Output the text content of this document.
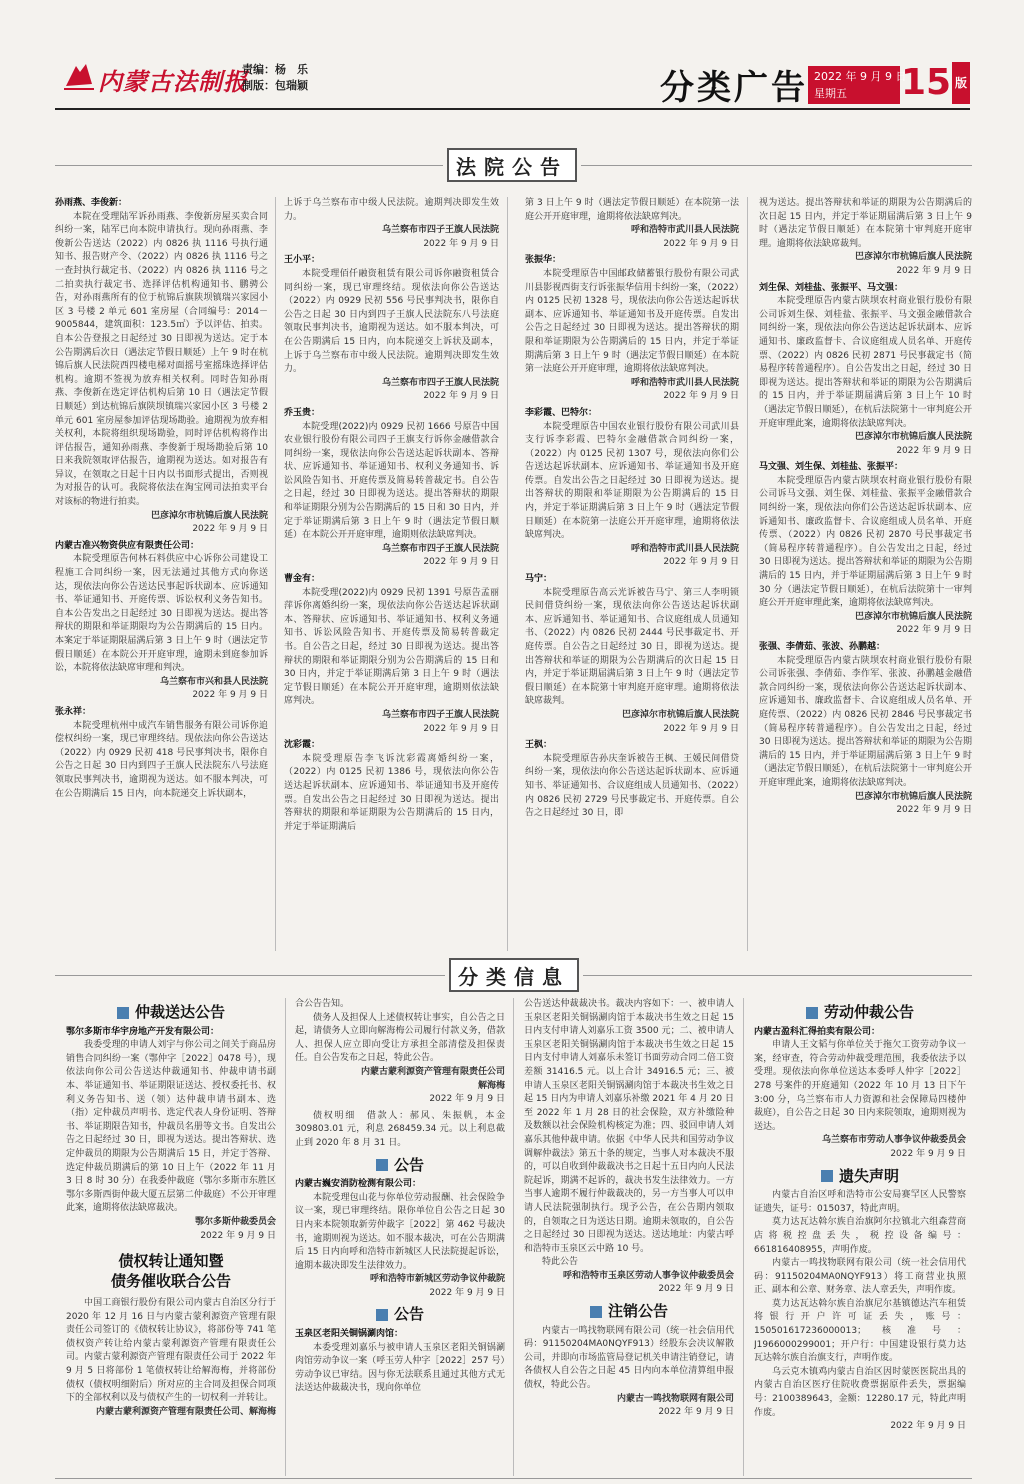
内蒙古法制报
责编：杨　乐
制版：包瑞颖	分类广告 2022 年 9 月 9 日
星期五	15 版
法院公告

孙雨燕、李俊新：

本院在受理陆军诉孙雨燕、李俊新房屋买卖合同纠纷一案，陆军已向本院申请执行。现向孙雨燕、李俊新公告送达（2022）内 0826 执 1116 号执行通知书、报告财产令、（2022）内 0826 执 1116 号之一查封执行裁定书、（2022）内 0826 执 1116 号之二拍卖执行裁定书、选择评估机构通知书、鹏骋公告，对孙雨燕所有的位于杭锦后旗陕坝镇瑞兴家园小区 3 号楼 2 单元 601 室房屋（合同编号：2014－9005844，建筑面积：123.5㎡）予以评估、拍卖。自本公告登报之日起经过 30 日即视为送达。定于本公告期满后次日（遇法定节假日顺延）上午 9 时在杭锦后旗人民法院西四楼电梯对面摇号室摇珠选择评估机构。逾期不签视为放弃相关权利。同时告知孙雨燕、李俊新在选定评估机构后第 10 日（遇法定节假日顺延）到达杭锦后旗陕坝镇瑞兴家园小区 3 号楼 2 单元 601 室房屋参加评估现场勘验。逾期视为放弃相关权利，本院将组织现场勘验，同时评估机构将作出评估报告，通知孙雨燕、李俊新于現场勘验后第 10 日来我院领取评估报告，逾期视为送达。如对报告有异议，在领取之日起十日内以书面形式提出，否则视为对报告的认可。我院将依法在淘宝网司法拍卖平台对该标的物进行拍卖。

巴彦淖尔市杭锦后旗人民法院

2022 年 9 月 9 日

内蒙古准兴物资供应有限责任公司：

本院受理原告何林石料供应中心诉你公司建设工程施工合同纠纷一案，因无法通过其他方式向你送达，现依法向你公告送达民事起诉状副本、应诉通知书、举证通知书、开庭传票、诉讼权利义务告知书。自本公告发出之日起经过 30 日即视为送达。提出答辩状的期限和举证期限均为公告期满后的 15 日内。本案定于举证期限届满后第 3 日上午 9 时（遇法定节假日顺延）在本院公开开庭审理，逾期未到庭参加诉讼，本院将依法缺席审理和判决。

乌兰察布市兴和县人民法院

2022 年 9 月 9 日

张永祥：

本院受理杭州中成汽车销售服务有限公司诉你追偿权纠纷一案，现已审理终结。现依法向你公告送达（2022）内 0929 民初 418 号民事判决书，限你自公告之日起 30 日内到四子王旗人民法院东八号法庭领取民事判决书，逾期视为送达。如不服本判决，可在公告期满后 15 日内，向本院递交上诉状副本，

上诉于乌兰察布市中级人民法院。逾期判决即发生效力。

乌兰察布市四子王旗人民法院

2022 年 9 月 9 日

王小平：

本院受理佰仟融资租赁有限公司诉你融资租赁合同纠纷一案，现已审理终结。现依法向你公告送达（2022）内 0929 民初 556 号民事判决书，限你自公告之日起 30 日内到四子王旗人民法院东八号法庭领取民事判决书，逾期视为送达。如不服本判决，可在公告期满后 15 日内，向本院递交上诉状及副本，上诉于乌兰察布市中级人民法院。逾期判决即发生效力。

乌兰察布市四子王旗人民法院

2022 年 9 月 9 日

乔玉贵：

本院受理(2022)内 0929 民初 1666 号原告中国农业银行股份有限公司四子王旗支行诉你金融借款合同纠纷一案，现依法向你公告送达起诉状副本、答辩状、应诉通知书、举证通知书、权利义务通知书、诉讼风险告知书、开庭传票及简易转普裁定书。自公告之日起，经过 30 日即视为送达。提出答辩状的期限和举证期限分别为公告期满后的 15 日和 30 日内，并定于举证期满后第 3 日上午 9 时（遇法定节假日顺延）在本院公开开庭审理，逾期则依法缺席判决。

乌兰察布市四子王旗人民法院

2022 年 9 月 9 日

曹金有：

本院受理(2022)内 0929 民初 1391 号原告孟丽萍诉你离婚纠纷一案，现依法向你公告送达起诉状副本、答辩状、应诉通知书、举证通知书、权利义务通知书、诉讼风险告知书、开庭传票及简易转普裁定书。自公告之日起，经过 30 日即视为送达。提出答辩状的期限和举证期限分别为公告期满后的 15 日和 30 日内，并定于举证期满后第 3 日上午 9 时（遇法定节假日顺延）在本院公开开庭审理，逾期则依法缺席判决。

乌兰察布市四子王旗人民法院

2022 年 9 月 9 日

沈彩霞：

本院受理原告李飞诉沈彩霞离婚纠纷一案，（2022）内 0125 民初 1386 号，现依法向你公告送达起诉状副本、应诉通知书、举证通知书及开庭传票。自发出公告之日起经过 30 日即视为送达。提出答辩状的期限和举证期限为公告期满后的 15 日内，并定于举证期满后

第 3 日上午 9 时（遇法定节假日顺延）在本院第一法庭公开开庭审理，逾期将依法缺席判决。

呼和浩特市武川县人民法院

2022 年 9 月 9 日

张振华：

本院受理原告中国邮政储蓄银行股份有限公司武川县影视西街支行诉张振华信用卡纠纷一案，（2022）内 0125 民初 1328 号，现依法向你公告送达起诉状副本、应诉通知书、举证通知书及开庭传票。自发出公告之日起经过 30 日即视为送达。提出答辩状的期限和举证期限为公告期满后的 15 日内，并定于举证期满后第 3 日上午 9 时（遇法定节假日顺延）在本院第一法庭公开开庭审理，逾期将依法缺席判决。

呼和浩特市武川县人民法院

2022 年 9 月 9 日

李彩霞、巴特尔：

本院受理原告中国农业银行股份有限公司武川县支行诉李彩霞、巴特尔金融借款合同纠纷一案，（2022）内 0125 民初 1307 号，现依法向你们公告送达起诉状副本、应诉通知书、举证通知书及开庭传票。自发出公告之日起经过 30 日即视为送达。提出答辩状的期限和举证期限为公告期满后的 15 日内，并定于举证期满后第 3 日上午 9 时（遇法定节假日顺延）在本院第一法庭公开开庭审理，逾期将依法缺席判决。

呼和浩特市武川县人民法院

2022 年 9 月 9 日

马宁：

本院受理原告高云光诉被告马宁、第三人李明锁民间借贷纠纷一案，现依法向你公告送达起诉状副本、应诉通知书、举证通知书、合议庭组成人员通知书、（2022）内 0826 民初 2444 号民事裁定书、开庭传票。自公告之日起经过 30 日，即视为送达。提出答辩状和举证的期限为公告期满后的次日起 15 日内，并定于举证期届满后第 3 日上午 9 时（遇法定节假日顺延）在本院第十审判庭开庭审理。逾期将依法缺席裁判。

巴彦淖尔市杭锦后旗人民法院

2022 年 9 月 9 日

王枫：

本院受理原告孙庆奎诉被告王枫、王媛民间借贷纠纷一案，现依法向你公告送达起诉状副本、应诉通知书、举证通知书、合议庭组成人员通知书、（2022）内 0826 民初 2729 号民事裁定书、开庭传票。自公告之日起经过 30 日，即

视为送达。提出答辩状和举证的期限为公告期满后的次日起 15 日内，并定于举证期届满后第 3 日上午 9 时（遇法定节假日顺延）在本院第十审判庭开庭审理。逾期将依法缺席裁判。

巴彦淖尔市杭锦后旗人民法院

2022 年 9 月 9 日

刘生保、刘桂盐、张振平、马文强：

本院受理原告内蒙古陕坝农村商业银行股份有限公司诉刘生保、刘桂盐、张振平、马文强金融借款合同纠纷一案，现依法向你公告送达起诉状副本、应诉通知书、廉政监督卡、合议庭组成人员名单、开庭传票、（2022）内 0826 民初 2871 号民事裁定书（简易程序转普通程序）。自公告发出之日起，经过 30 日即视为送达。提出答辩状和举证的期限为公告期满后的 15 日内，并于举证期届满后第 3 日上午 10 时（遇法定节假日顺延），在杭后法院第十一审判庭公开开庭审理此案，逾期将依法缺席判决。

巴彦淖尔市杭锦后旗人民法院

2022 年 9 月 9 日

马文强、刘生保、刘桂盐、张振平：

本院受理原告内蒙古陕坝农村商业银行股份有限公司诉马文强、刘生保、刘桂盐、张振平金融借款合同纠纷一案，现依法向你们公告送达起诉状副本、应诉通知书、廉政监督卡、合议庭组成人员名单、开庭传票、（2022）内 0826 民初 2870 号民事裁定书（简易程序转普通程序）。自公告发出之日起，经过 30 日即视为送达。提出答辩状和举证的期限为公告期满后的 15 日内，并于举证期届满后第 3 日上午 9 时 30 分（遇法定节假日顺延），在杭后法院第十一审判庭公开开庭审理此案，逾期将依法缺席判决。

巴彦淖尔市杭锦后旗人民法院

2022 年 9 月 9 日

张强、李倩茹、张波、孙鹏越：

本院受理原告内蒙古陕坝农村商业银行股份有限公司诉张强、李倩茹、李作军、张波、孙鹏越金融借款合同纠纷一案，现依法向你公告送达起诉状副本、应诉通知书、廉政监督卡、合议庭组成人员名单、开庭传票、（2022）内 0826 民初 2846 号民事裁定书（简易程序转普通程序）。自公告发出之日起，经过 30 日即视为送达。提出答辩状和举证的期限为公告期满后的 15 日内，并于举证期届满后第 3 日上午 9 时（遇法定节假日顺延），在杭后法院第十一审判庭公开开庭审理此案，逾期将依法缺席判决。

巴彦淖尔市杭锦后旗人民法院

2022 年 9 月 9 日

分类信息
仲裁送达公告

鄂尔多斯市华宇房地产开发有限公司：

我委受理的申请人刘宇与你公司之间关于商品房销售合同纠纷一案（鄂仲字［2022］0478 号），现依法向你公司公告送达仲裁通知书、仲裁申请书副本、举证通知书、举证期限证送达、授权委托书、权利义务告知书、送（领）达仲裁申请书副本、选（指）定仲裁员声明书、选定代表人身份证明、答辩书、举证期限告知书，仲裁员名册等文书。自发出公告之日起经过 30 日，即视为送达。提出答辩状、选定仲裁员的期限为公告期满后 15 日，并定于答辩、选定仲裁员期满后的第 10 日上午（2022 年 11 月 3 日 8 时 30 分）在我委仲裁庭（鄂尔多斯市东胜区鄂尔多斯西街仲裁大厦五层第二仲裁庭）不公开审理此案，逾期将依法缺席裁决。

鄂尔多斯仲裁委员会

2022 年 9 月 9 日

债权转让通知暨
债务催收联合公告

中国工商银行股份有限公司内蒙古自治区分行于 2020 年 12 月 16 日与内蒙古蒙利源资产管理有限责任公司签订的《债权转让协议》，将部份等 741 笔债权资产转让给内蒙古蒙利源资产管理有限责任公司。内蒙古蒙利源资产管理有限责任公司于 2022 年 9 月 5 日将部份 1 笔债权转让给解海梅，并将部份债权（债权明细附后）所对应的主合同及担保合同项下的全部权利以及与债权产生的一切权利一并转让。

内蒙古蒙利源资产管理有限责任公司、解海梅

合公告告知。

债务人及担保人上述债权转让事实，自公告之日起，请债务人立即向解海梅公司履行付款义务，借款人、担保人应立即向受让方承担全部清偿及担保责任。自公告发布之日起，特此公告。

内蒙古蒙利源资产管理有限责任公司

解海梅

2022 年 9 月 9 日

债权明细　借款人：郝风、朱振帆，本金 309803.01 元，利息 268459.34 元。以上利息截止到 2020 年 8 月 31 日。

公告

内蒙古巍安消防检测有限公司：

本院受理包山花与你单位劳动报酬、社会保险争议一案，现已审理终结。限你单位自公告之日起 30 日内来本院领取新劳仲裁字［2022］第 462 号裁决书，逾期则视为送达。如不服本裁决，可在公告期满后 15 日内向呼和浩特市新城区人民法院提起诉讼，逾期本裁决即发生法律效力。

呼和浩特市新城区劳动争议仲裁院

2022 年 9 月 9 日

公告

玉泉区老阳关铜锅涮肉馆：

本委受理刘嘉乐与被申请人玉泉区老阳关铜锅涮肉馆劳动争议一案（呼玉劳人仲字［2022］257 号）劳动争议已审结。因与你无法联系且通过其他方式无法送达仲裁裁决书，现向你单位

公告送达仲裁裁决书。裁决内容如下：一、被申请人玉泉区老阳关铜锅涮肉馆于本裁决书生效之日起 15 日内支付申请人刘嘉乐工资 3500 元；二、被申请人玉泉区老阳关铜锅涮肉馆于本裁决书生效之日起 15 日内支付申请人刘嘉乐未签订书面劳动合同二倍工资差额 31416.5 元。以上合计 34916.5 元；三、被申请人玉泉区老阳关铜锅涮肉馆于本裁决书生效之日起 15 日内为申请人刘嘉乐补缴 2021 年 4 月 20 日至 2022 年 1 月 28 日的社会保险，双方补缴险种及数额以社会保险机构核定为准；四、驳回申请人刘嘉乐其他仲裁申请。依据《中华人民共和国劳动争议调解仲裁法》第五十条的规定，当事人对本裁决不服的，可以自收到仲裁裁决书之日起十五日内向人民法院起诉，期满不起诉的，裁决书发生法律效力。一方当事人逾期不履行仲裁裁决的，另一方当事人可以申请人民法院强制执行。现予公告，在公告期内领取的，自领取之日为送达日期。逾期未领取的，自公告之日起经过 30 日即视为送达。送达地址：内蒙古呼和浩特市玉泉区云中路 10 号。

特此公告

呼和浩特市玉泉区劳动人事争议仲裁委员会

2022 年 9 月 9 日

注销公告

内蒙古一鸣找物联网有限公司（统一社会信用代码：91150204MA0NQYF913）经股东会决议解散公司，并即向市场监管局登记机关申请注销登记，请各债权人自公告之日起 45 日内向本单位清算组申报债权，特此公告。

内蒙古一鸣找物联网有限公司

2022 年 9 月 9 日

劳动仲裁公告

内蒙古盈科汇得拍卖有限公司：

申请人王文韬与你单位关于拖欠工资劳动争议一案，经审查，符合劳动仲裁受理范围，我委依法予以受理。现依法向你单位送达本委呼人仲字［2022］278 号案件的开庭通知（2022 年 10 月 13 日下午 3:00 分，乌兰察布市人力资源和社会保障局四楼仲裁庭），自公告之日起 30 日内来院领取，逾期则视为送达。

乌兰察布市劳动人事争议仲裁委员会

2022 年 9 月 9 日

遗失声明

内蒙古自治区呼和浩特市公安局赛罕区人民警察证遗失，证号：015037，特此声明。

莫力达瓦达斡尔族自治旗阿尔拉镇北六组森营商店将税控盘丢失，税控设备编号：661816408955，声明作废。

内蒙古一鸣找物联网有限公司（统一社会信用代码：91150204MA0NQYF913）将工商营业执照正、副本和公章、财务章、法人章丢失，声明作废。

莫力达瓦达斡尔族自治旗尼尔基镇德达汽车租赁将银行开户许可证丢失，账号：150501617236000013；核准号：J1966000299001；开户行：中国建设银行莫力达瓦达斡尔族自治旗支行，声明作废。

乌云克木镇鸡内蒙古自治区因时蒙医医院出具的内蒙古自治区医疗住院收费票据原件丢失，票据编号：2100389643，金额：12280.17 元，特此声明作废。

2022 年 9 月 9 日
